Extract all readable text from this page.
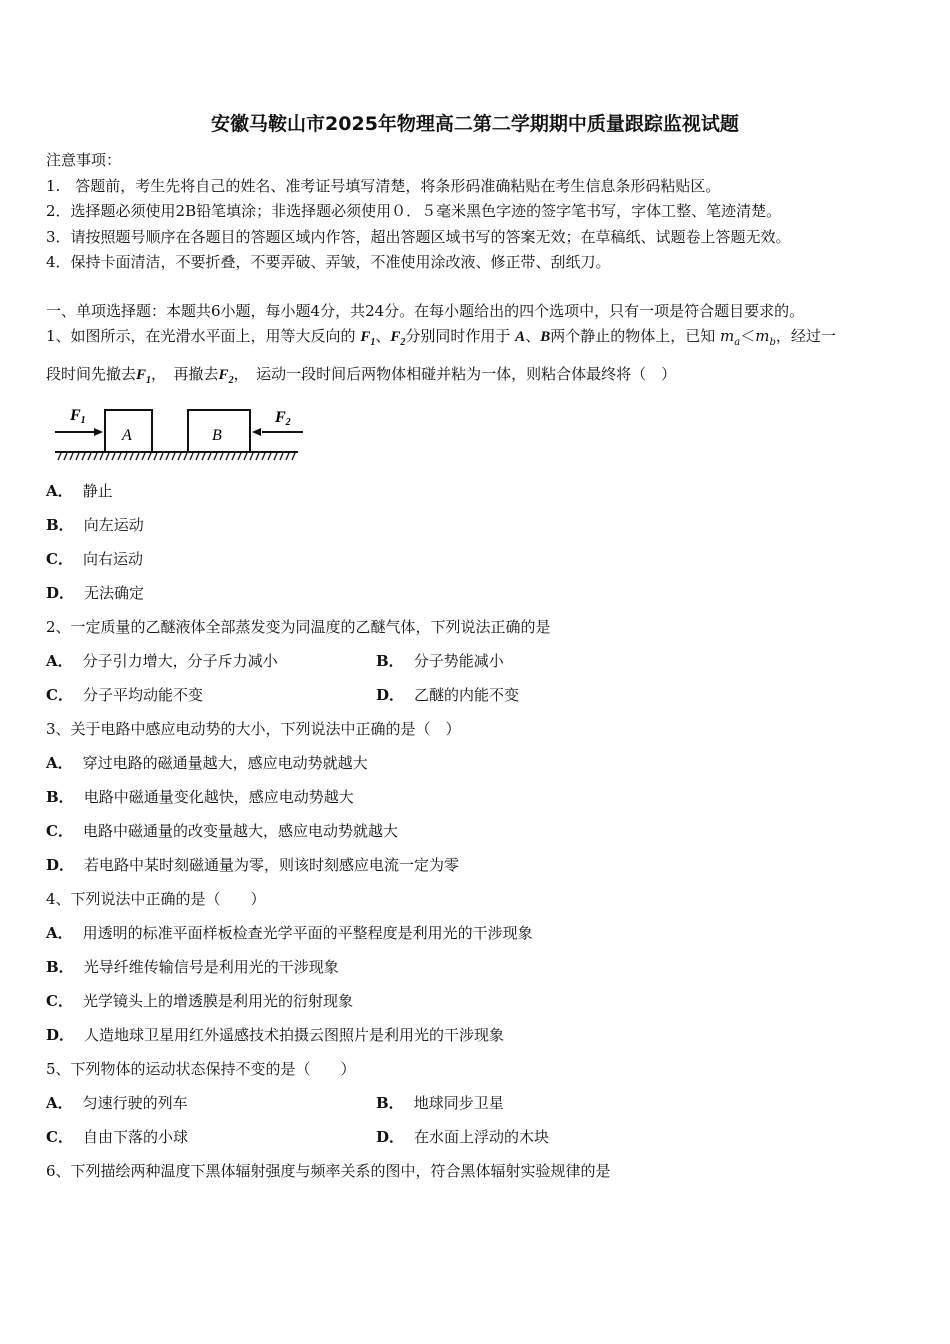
安徽马鞍山市2025年物理高二第二学期期中质量跟踪监视试题
注意事项：
1.　答题前，考生先将自己的姓名、准考证号填写清楚，将条形码准确粘贴在考生信息条形码粘贴区。
2．选择题必须使用2B铅笔填涂；非选择题必须使用０．５毫米黑色字迹的签字笔书写，字体工整、笔迹清楚。
3．请按照题号顺序在各题目的答题区域内作答，超出答题区域书写的答案无效；在草稿纸、试题卷上答题无效。
4．保持卡面清洁，不要折叠，不要弄破、弄皱，不准使用涂改液、修正带、刮纸刀。
一、单项选择题：本题共6小题，每小题4分，共24分。在每小题给出的四个选项中，只有一项是符合题目要求的。
1、如图所示，在光滑水平面上，用等大反向的 $F_1$、$F_2$分别同时作用于 A、B两个静止的物体上，已知 $m_a<m_b$，经过一
段时间先撤去$F_1$，　再撤去$F_2$，　运动一段时间后两物体相碰并粘为一体，则粘合体最终将（　）
F1	F2
A	B
A． 静止
B． 向左运动
C． 向右运动
D． 无法确定
2、一定质量的乙醚液体全部蒸发变为同温度的乙醚气体，下列说法正确的是
A． 分子引力增大，分子斥力减小	B． 分子势能减小
C． 分子平均动能不变	D． 乙醚的内能不变
3、关于电路中感应电动势的大小，下列说法中正确的是（　）
A． 穿过电路的磁通量越大，感应电动势就越大
B． 电路中磁通量变化越快，感应电动势越大
C． 电路中磁通量的改变量越大，感应电动势就越大
D． 若电路中某时刻磁通量为零，则该时刻感应电流一定为零
4、下列说法中正确的是（　　）
A． 用透明的标准平面样板检查光学平面的平整程度是利用光的干涉现象
B． 光导纤维传输信号是利用光的干涉现象
C． 光学镜头上的增透膜是利用光的衍射现象
D． 人造地球卫星用红外遥感技术拍摄云图照片是利用光的干涉现象
5、下列物体的运动状态保持不变的是（　　）
A． 匀速行驶的列车	B． 地球同步卫星
C． 自由下落的小球	D． 在水面上浮动的木块
6、下列描绘两种温度下黑体辐射强度与频率关系的图中，符合黑体辐射实验规律的是
